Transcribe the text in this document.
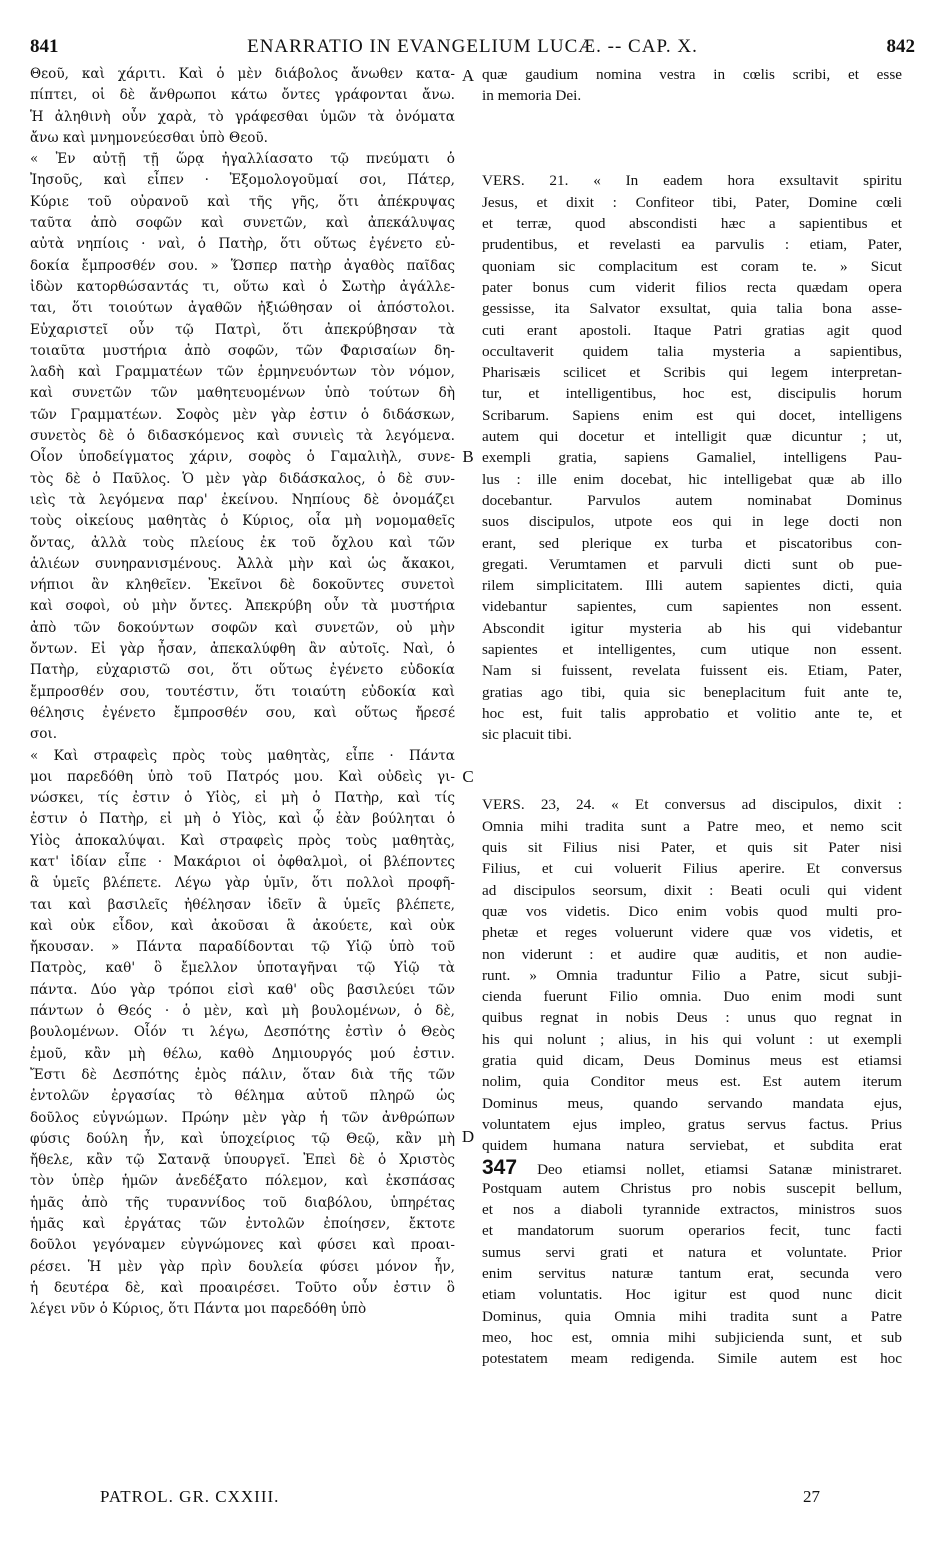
841	ENARRATIO IN EVANGELIUM LUCÆ. -- CAP. X.	842
Θεοῦ, καὶ χάριτι. Καὶ ὁ μὲν διάβολος ἄνωθεν κατα-
πίπτει, οἱ δὲ ἄνθρωποι κάτω ὄντες γράφονται ἄνω.
Ἡ ἀληθινὴ οὖν χαρὰ, τὸ γράφεσθαι ὑμῶν τὰ ὀνόματα
ἄνω καὶ μνημονεύεσθαι ὑπὸ Θεοῦ.
« Ἐν αὐτῇ τῇ ὥρᾳ ἠγαλλίασατο τῷ πνεύματι ὁ
Ἰησοῦς, καὶ εἶπεν · Ἐξομολογοῦμαί σοι, Πάτερ,
Κύριε τοῦ οὐρανοῦ καὶ τῆς γῆς, ὅτι ἀπέκρυψας
ταῦτα ἀπὸ σοφῶν καὶ συνετῶν, καὶ ἀπεκάλυψας
αὐτὰ νηπίοις · ναὶ, ὁ Πατὴρ, ὅτι οὕτως ἐγένετο εὐ-
δοκία ἔμπροσθέν σου. » Ὥσπερ πατὴρ ἀγαθὸς παῖδας
ἰδὼν κατορθώσαντάς τι, οὕτω καὶ ὁ Σωτὴρ ἀγάλλε-
ται, ὅτι τοιούτων ἀγαθῶν ἠξιώθησαν οἱ ἀπόστολοι.
Εὐχαριστεῖ οὖν τῷ Πατρὶ, ὅτι ἀπεκρύβησαν τὰ
τοιαῦτα μυστήρια ἀπὸ σοφῶν, τῶν Φαρισαίων δη-
λαδὴ καὶ Γραμματέων τῶν ἑρμηνευόντων τὸν νόμον,
καὶ συνετῶν τῶν μαθητευομένων ὑπὸ τούτων δὴ
τῶν Γραμματέων. Σοφὸς μὲν γὰρ ἐστιν ὁ διδάσκων,
συνετὸς δὲ ὁ διδασκόμενος καὶ συνιεὶς τὰ λεγόμενα.
Οἷον ὑποδείγματος χάριν, σοφὸς ὁ Γαμαλιὴλ, συνε-
τὸς δὲ ὁ Παῦλος. Ὁ μὲν γὰρ διδάσκαλος, ὁ δὲ συν-
ιεὶς τὰ λεγόμενα παρ' ἐκείνου. Νηπίους δὲ ὀνομάζει
τοὺς οἰκείους μαθητὰς ὁ Κύριος, οἷα μὴ νομομαθεῖς
ὄντας, ἀλλὰ τοὺς πλείους ἐκ τοῦ ὄχλου καὶ τῶν
ἁλιέων συνηρανισμένους. Ἀλλὰ μὴν καὶ ὡς ἄκακοι,
νήπιοι ἂν κληθεῖεν. Ἐκεῖνοι δὲ δοκοῦντες συνετοὶ
καὶ σοφοὶ, οὐ μὴν ὄντες. Ἀπεκρύβη οὖν τὰ μυστήρια
ἀπὸ τῶν δοκούντων σοφῶν καὶ συνετῶν, οὐ μὴν
ὄντων. Εἰ γὰρ ἦσαν, ἀπεκαλύφθη ἂν αὐτοῖς. Ναὶ, ὁ
Πατὴρ, εὐχαριστῶ σοι, ὅτι οὕτως ἐγένετο εὐδοκία
ἔμπροσθέν σου, τουτέστιν, ὅτι τοιαύτη εὐδοκία καὶ
θέλησις ἐγένετο ἔμπροσθέν σου, καὶ οὕτως ἤρεσέ
σοι.
« Καὶ στραφεὶς πρὸς τοὺς μαθητὰς, εἶπε · Πάντα
μοι παρεδόθη ὑπὸ τοῦ Πατρός μου. Καὶ οὐδεὶς γι-
νώσκει, τίς ἐστιν ὁ Υἱὸς, εἰ μὴ ὁ Πατὴρ, καὶ τίς
ἐστιν ὁ Πατὴρ, εἰ μὴ ὁ Υἱὸς, καὶ ᾧ ἐὰν βούληται ὁ
Υἱὸς ἀποκαλύψαι. Καὶ στραφεὶς πρὸς τοὺς μαθητὰς,
κατ' ἰδίαν εἶπε · Μακάριοι οἱ ὀφθαλμοὶ, οἱ βλέποντες
ἃ ὑμεῖς βλέπετε. Λέγω γὰρ ὑμῖν, ὅτι πολλοὶ προφῆ-
ται καὶ βασιλεῖς ἠθέλησαν ἰδεῖν ἃ ὑμεῖς βλέπετε,
καὶ οὐκ εἶδον, καὶ ἀκοῦσαι ἃ ἀκούετε, καὶ οὐκ
ἤκουσαν. » Πάντα παραδίδονται τῷ Υἱῷ ὑπὸ τοῦ
Πατρὸς, καθ' ὃ ἔμελλον ὑποταγῆναι τῷ Υἱῷ τὰ
πάντα. Δύο γὰρ τρόποι εἰσὶ καθ' οὓς βασιλεύει τῶν
πάντων ὁ Θεός · ὁ μὲν, καὶ μὴ βουλομένων, ὁ δὲ,
βουλομένων. Οἷόν τι λέγω, Δεσπότης ἐστὶν ὁ Θεὸς
ἐμοῦ, κἂν μὴ θέλω, καθὸ Δημιουργός μού ἐστιν.
Ἔστι δὲ Δεσπότης ἐμὸς πάλιν, ὅταν διὰ τῆς τῶν
ἐντολῶν ἐργασίας τὸ θέλημα αὐτοῦ πληρῶ ὡς
δοῦλος εὐγνώμων. Πρώην μὲν γὰρ ἡ τῶν ἀνθρώπων
φύσις δούλη ἦν, καὶ ὑποχείριος τῷ Θεῷ, κἂν μὴ
ἤθελε, κἂν τῷ Σατανᾷ ὑπουργεῖ. Ἐπεὶ δὲ ὁ Χριστὸς
τὸν ὑπὲρ ἡμῶν ἀνεδέξατο πόλεμον, καὶ ἐκσπάσας
ἡμᾶς ἀπὸ τῆς τυραννίδος τοῦ διαβόλου, ὑπηρέτας
ἡμᾶς καὶ ἐργάτας τῶν ἐντολῶν ἐποίησεν, ἔκτοτε
δοῦλοι γεγόναμεν εὐγνώμονες καὶ φύσει καὶ προαι-
ρέσει. Ἡ μὲν γὰρ πρὶν δουλεία φύσει μόνον ἦν,
ἡ δευτέρα δὲ, καὶ προαιρέσει. Τοῦτο οὖν ἐστιν ὃ
λέγει νῦν ὁ Κύριος, ὅτι Πάντα μοι παρεδόθη ὑπὸ
quæ gaudium nomina vestra in cœlis scribi, et esse
in memoria Dei.
VERS. 21. « In eadem hora exsultavit spiritu
Jesus, et dixit : Confiteor tibi, Pater, Domine cœli
et terræ, quod abscondisti hæc a sapientibus et
prudentibus, et revelasti ea parvulis : etiam, Pater,
quoniam sic complacitum est coram te. » Sicut
pater bonus cum viderit filios recta quædam opera
gessisse, ita Salvator exsultat, quia talia bona asse-
cuti erant apostoli. Itaque Patri gratias agit quod
occultaverit quidem talia mysteria a sapientibus,
Pharisæis scilicet et Scribis qui legem interpretan-
tur, et intelligentibus, hoc est, discipulis horum
Scribarum. Sapiens enim est qui docet, intelligens
autem qui docetur et intelligit quæ dicuntur ; ut,
exempli gratia, sapiens Gamaliel, intelligens Pau-
lus : ille enim docebat, hic intelligebat quæ ab illo
docebantur. Parvulos autem nominabat Dominus
suos discipulos, utpote eos qui in lege docti non
erant, sed plerique ex turba et piscatoribus con-
gregati. Verumtamen et parvuli dicti sunt ob pue-
rilem simplicitatem. Illi autem sapientes dicti, quia
videbantur sapientes, cum sapientes non essent.
Abscondit igitur mysteria ab his qui videbantur
sapientes et intelligentes, cum utique non essent.
Nam si fuissent, revelata fuissent eis. Etiam, Pater,
gratias ago tibi, quia sic beneplacitum fuit ante te,
hoc est, fuit talis approbatio et volitio ante te, et
sic placuit tibi.
VERS. 23, 24. « Et conversus ad discipulos, dixit :
Omnia mihi tradita sunt a Patre meo, et nemo scit
quis sit Filius nisi Pater, et quis sit Pater nisi
Filius, et cui voluerit Filius aperire. Et conversus
ad discipulos seorsum, dixit : Beati oculi qui vident
quæ vos videtis. Dico enim vobis quod multi pro-
phetæ et reges voluerunt videre quæ vos videtis, et
non viderunt : et audire quæ auditis, et non audie-
runt. » Omnia traduntur Filio a Patre, sicut subji-
cienda fuerunt Filio omnia. Duo enim modi sunt
quibus regnat in nobis Deus : unus quo regnat in
his qui nolunt ; alius, in his qui volunt : ut exempli
gratia quid dicam, Deus Dominus meus est etiamsi
nolim, quia Conditor meus est. Est autem iterum
Dominus meus, quando servando mandata ejus,
voluntatem ejus impleo, gratus servus factus. Prius
quidem humana natura serviebat, et subdita erat
347 Deo etiamsi nollet, etiamsi Satanæ ministraret.
Postquam autem Christus pro nobis suscepit bellum,
et nos a diaboli tyrannide extractos, ministros suos
et mandatorum suorum operarios fecit, tunc facti
sumus servi grati et natura et voluntate. Prior
enim servitus naturæ tantum erat, secunda vero
etiam voluntatis. Hoc igitur est quod nunc dicit
Dominus, quia Omnia mihi tradita sunt a Patre
meo, hoc est, omnia mihi subjicienda sunt, et sub
potestatem meam redigenda. Simile autem est hoc
A
B
C
D
PATROL. GR. CXXIII.	27
